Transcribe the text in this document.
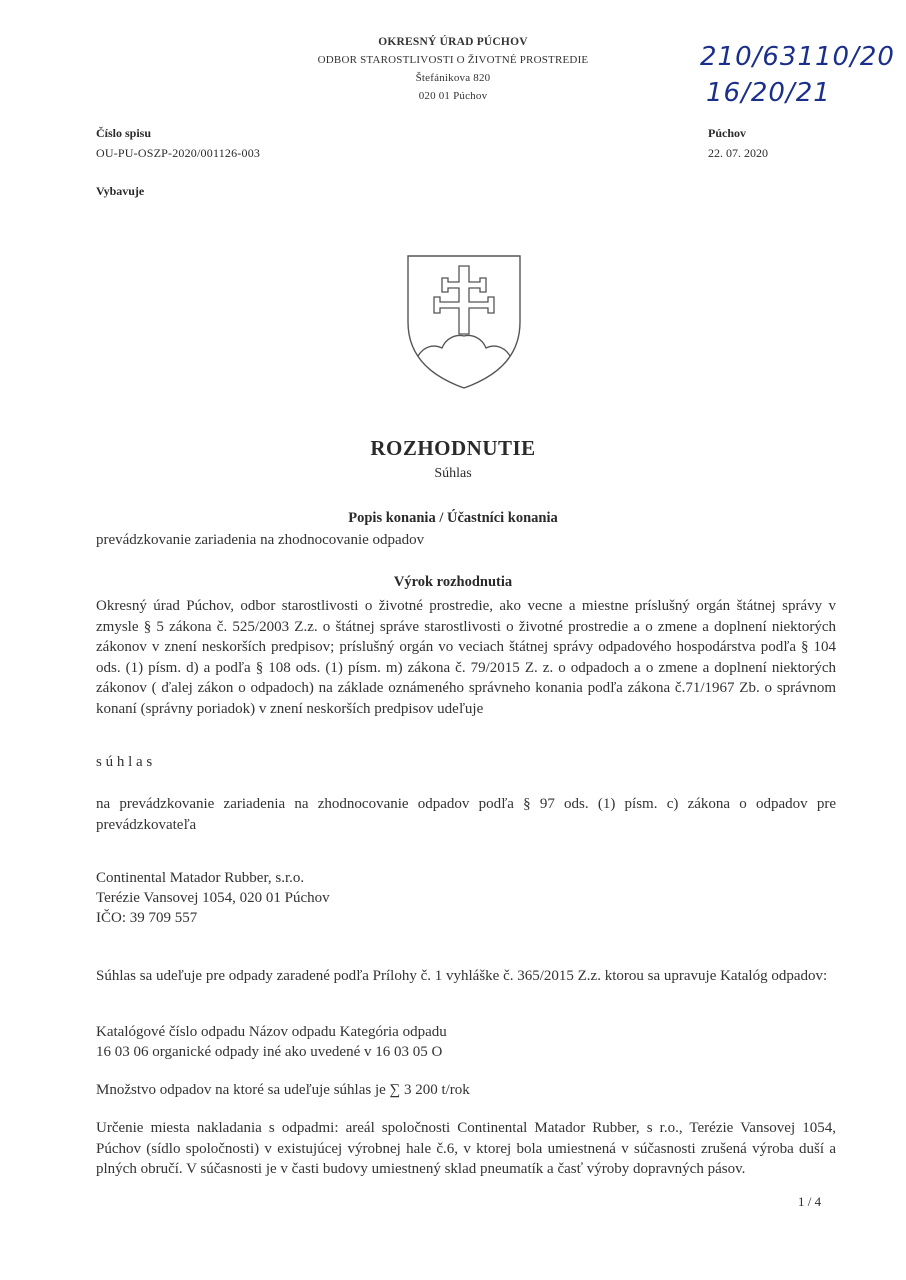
OKRESNÝ ÚRAD PÚCHOV
ODBOR STAROSTLIVOSTI O ŽIVOTNÉ PROSTREDIE
Štefánikova 820
020 01 Púchov
210/63110/20
16/20/21
Číslo spisu
OU-PU-OSZP-2020/001126-003
Vybavuje
Púchov
22. 07. 2020
ROZHODNUTIE
Súhlas
Popis konania / Účastníci konania
prevádzkovanie zariadenia na zhodnocovanie odpadov
Výrok rozhodnutia
Okresný úrad Púchov, odbor starostlivosti o životné prostredie, ako vecne a miestne príslušný orgán štátnej správy v zmysle § 5 zákona č. 525/2003 Z.z. o štátnej správe starostlivosti o životné prostredie a o zmene a doplnení niektorých zákonov v znení neskorších predpisov; príslušný orgán vo veciach štátnej správy odpadového hospodárstva podľa § 104 ods. (1) písm. d) a podľa § 108 ods. (1) písm. m) zákona č. 79/2015 Z. z. o odpadoch a o zmene a doplnení niektorých zákonov ( ďalej zákon o odpadoch) na základe oznámeného správneho konania podľa zákona č.71/1967 Zb. o správnom konaní (správny poriadok) v znení neskorších predpisov udeľuje
s ú h l a s
na prevádzkovanie zariadenia na zhodnocovanie odpadov podľa § 97 ods. (1) písm. c) zákona o odpadov pre prevádzkovateľa
Continental Matador Rubber, s.r.o.
Terézie Vansovej 1054, 020 01 Púchov
IČO: 39 709 557
Súhlas sa udeľuje pre odpady zaradené podľa Prílohy č. 1 vyhláške č. 365/2015 Z.z. ktorou sa upravuje Katalóg odpadov:
Katalógové číslo odpadu Názov odpadu Kategória odpadu
16 03 06 organické odpady iné ako uvedené v 16 03 05 O
Množstvo odpadov na ktoré sa udeľuje súhlas je ∑ 3 200 t/rok
Určenie miesta nakladania s odpadmi: areál spoločnosti Continental Matador Rubber, s r.o., Terézie Vansovej 1054, Púchov (sídlo spoločnosti) v existujúcej výrobnej hale č.6, v ktorej bola umiestnená v súčasnosti zrušená výroba duší a plných obručí. V súčasnosti je v časti budovy umiestnený sklad pneumatík a časť výroby dopravných pásov.
1 / 4
